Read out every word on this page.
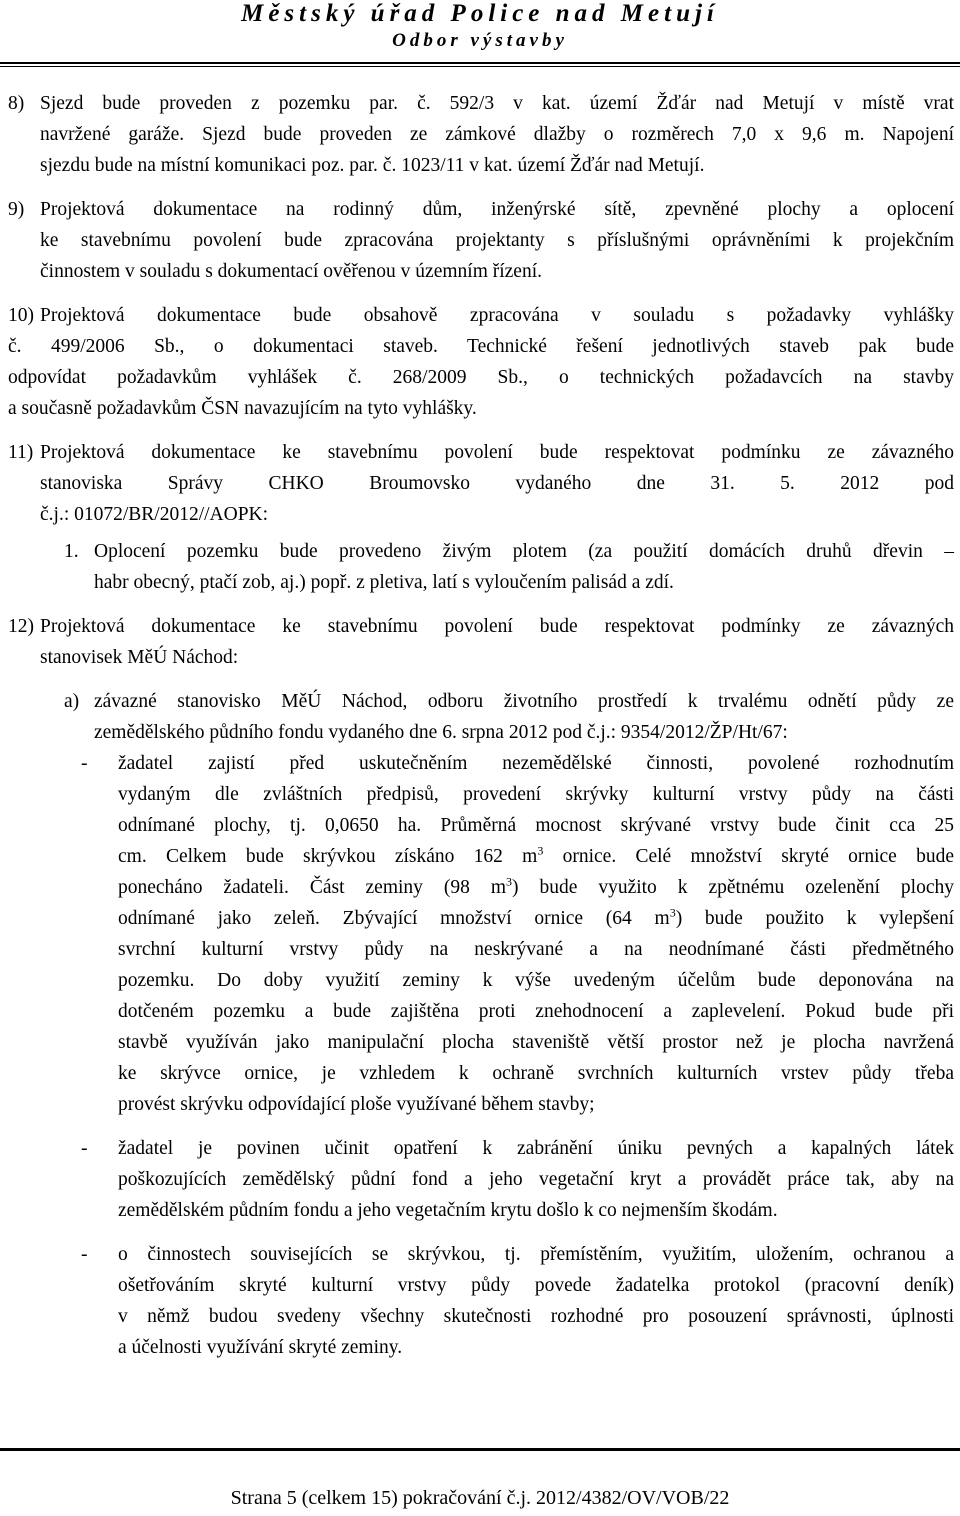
Městský úřad Police nad Metují
Odbor výstavby
8) Sjezd bude proveden z pozemku par. č. 592/3 v kat. území Žďár nad Metují v místě vrat
navržené garáže. Sjezd bude proveden ze zámkové dlažby o rozměrech 7,0 x 9,6 m. Napojení
sjezdu bude na místní komunikaci poz. par. č. 1023/11 v kat. území Žďár nad Metují.
9) Projektová dokumentace na rodinný dům, inženýrské sítě, zpevněné plochy a oplocení
ke stavebnímu povolení bude zpracována projektanty s příslušnými oprávněními k projekčním
činnostem v souladu s dokumentací ověřenou v územním řízení.
10) Projektová dokumentace bude obsahově zpracována v souladu s požadavky vyhlášky
č. 499/2006 Sb., o dokumentaci staveb. Technické řešení jednotlivých staveb pak bude
odpovídat požadavkům vyhlášek č. 268/2009 Sb., o technických požadavcích na stavby
a současně požadavkům ČSN navazujícím na tyto vyhlášky.
11) Projektová dokumentace ke stavebnímu povolení bude respektovat podmínku ze závazného
stanoviska Správy CHKO Broumovsko vydaného dne 31. 5. 2012 pod
č.j.: 01072/BR/2012//AOPK:
1. Oplocení pozemku bude provedeno živým plotem (za použití domácích druhů dřevin –
habr obecný, ptačí zob, aj.) popř. z pletiva, latí s vyloučením palisád a zdí.
12) Projektová dokumentace ke stavebnímu povolení bude respektovat podmínky ze závazných
stanovisek MěÚ Náchod:
a) závazné stanovisko MěÚ Náchod, odboru životního prostředí k trvalému odnětí půdy ze
zemědělského půdního fondu vydaného dne 6. srpna 2012 pod č.j.: 9354/2012/ŽP/Ht/67:
- žadatel zajistí před uskutečněním nezemědělské činnosti, povolené rozhodnutím
vydaným dle zvláštních předpisů, provedení skrývky kulturní vrstvy půdy na části
odnímané plochy, tj. 0,0650 ha. Průměrná mocnost skrývané vrstvy bude činit cca 25
cm. Celkem bude skrývkou získáno 162 $m^3$ ornice. Celé množství skryté ornice bude
ponecháno žadateli. Část zeminy (98 $m^3$) bude využito k zpětnému ozelenění plochy
odnímané jako zeleň. Zbývající množství ornice (64 $m^3$) bude použito k vylepšení
svrchní kulturní vrstvy půdy na neskrývané a na neodnímané části předmětného
pozemku. Do doby využití zeminy k výše uvedeným účelům bude deponována na
dotčeném pozemku a bude zajištěna proti znehodnocení a zaplevelení. Pokud bude při
stavbě využíván jako manipulační plocha staveniště větší prostor než je plocha navržená
ke skrývce ornice, je vzhledem k ochraně svrchních kulturních vrstev půdy třeba
provést skrývku odpovídající ploše využívané během stavby;
- žadatel je povinen učinit opatření k zabránění úniku pevných a kapalných látek
poškozujících zemědělský půdní fond a jeho vegetační kryt a provádět práce tak, aby na
zemědělském půdním fondu a jeho vegetačním krytu došlo k co nejmenším škodám.
- o činnostech souvisejících se skrývkou, tj. přemístěním, využitím, uložením, ochranou a
ošetřováním skryté kulturní vrstvy půdy povede žadatelka protokol (pracovní deník)
v němž budou svedeny všechny skutečnosti rozhodné pro posouzení správnosti, úplnosti
a účelnosti využívání skryté zeminy.
Strana 5 (celkem 15) pokračování č.j. 2012/4382/OV/VOB/22
